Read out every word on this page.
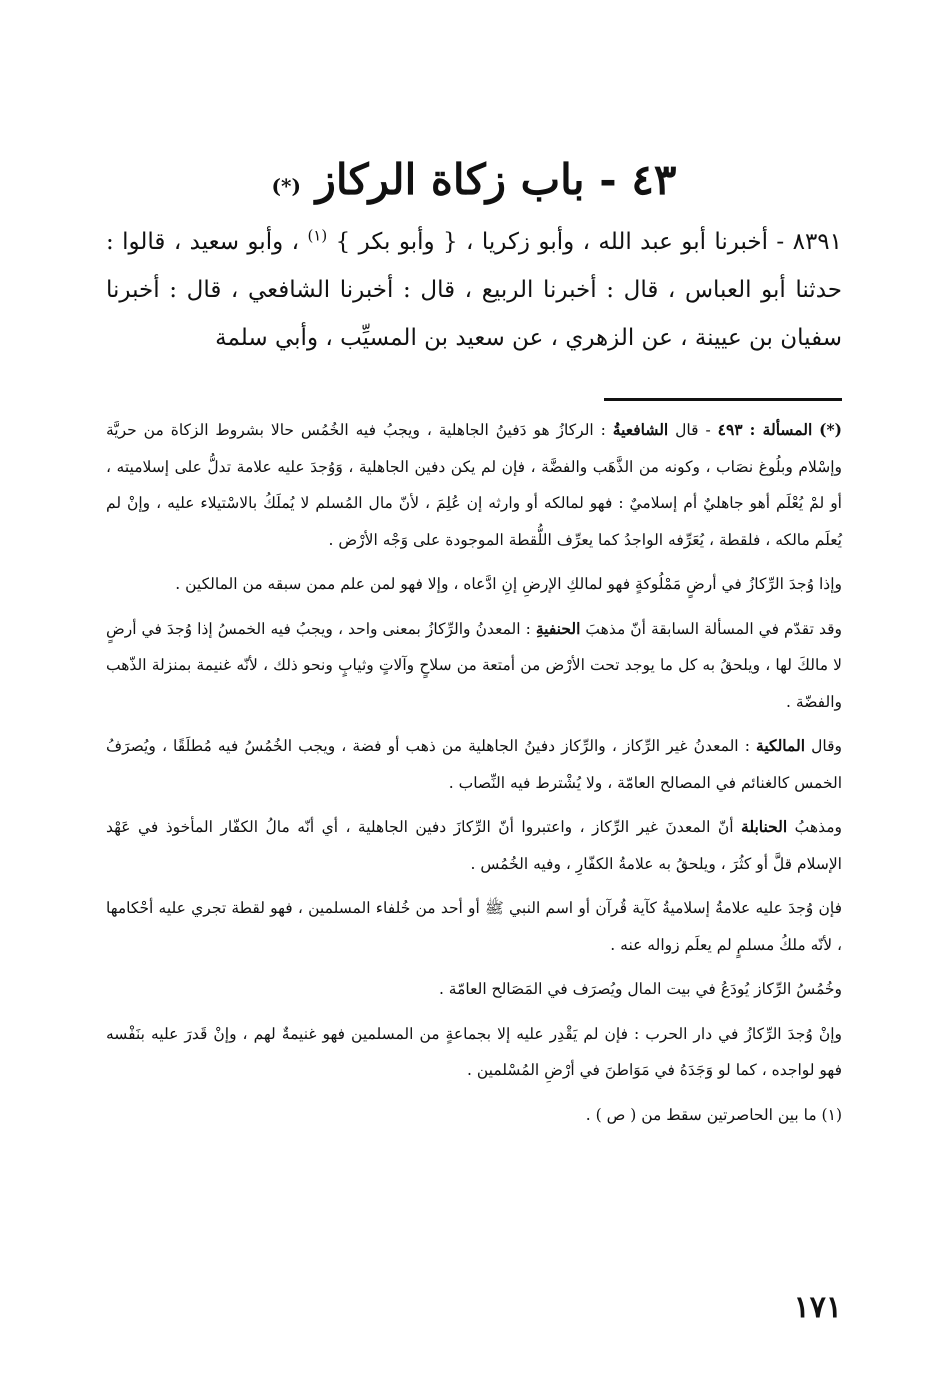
٤٣ - باب زكاة الركاز (*)

٨٣٩١ - أخبرنا أبو عبد الله ، وأبو زكريا ، { وأبو بكر } $^{(١)}$ ، وأبو سعيد ، قالوا : حدثنا أبو العباس ، قال : أخبرنا الربيع ، قال : أخبرنا الشافعي ، قال : أخبرنا سفيان بن عيينة ، عن الزهري ، عن سعيد بن المسيِّب ، وأبي سلمة

(*) المسألة : ٤٩٣ - قال الشافعيةُ : الركازُ هو دَفينُ الجاهلية ، ويجبُ فيه الخُمُس حالا بشروط الزكاة من حريَّة وإسْلام وبلُوغ نصَاب ، وكونه من الذَّهَب والفضَّة ، فإن لم يكن دفين الجاهلية ، وَوُجدَ عليه علامة تدلُّ على إسلاميته ، أو لمْ يُعْلَم أهو جاهليٌ أم إسلاميٌ : فهو لمالكه أو وارثه إن عُلِمَ ، لأنّ مال المُسلم لا يُملَكُ بالاسْتيلاء عليه ، وإنْ لم يُعلَم مالكه ، فلقطة ، يُعَرِّفه الواجدُ كما يعرِّف اللُّقطة الموجودة على وَجْه الأرْض .

وإذا وُجدَ الرِّكازُ في أرضٍ مَمْلُوكةٍ فهو لمالكِ الإرضِ إنِ ادَّعاه ، وإلا فهو لمن علم ممن سبقه من المالكين .

وقد تقدّم في المسألة السابقة أنّ مذهبَ الحنفيةِ : المعدنُ والرِّكازُ بمعنى واحد ، ويجبُ فيه الخمسُ إذا وُجدَ في أرضٍ لا مالكَ لها ، ويلحقُ به كل ما يوجد تحت الأرْض من أمتعة من سلاحٍ وآلاتٍ وثيابٍ ونحو ذلك ، لأنّه غنيمة بمنزلة الذّهب والفضّة .

وقال المالكية : المعدنُ غير الرِّكاز ، والرِّكاز دفينُ الجاهلية من ذهب أو فضة ، ويجب الخُمُسُ فيه مُطلَقًا ، ويُصرَفُ الخمس كالغنائم في المصالح العامّة ، ولا يُشْترط فيه النِّصاب .

ومذهبُ الحنابلة أنّ المعدنَ غير الرِّكاز ، واعتبروا أنّ الرِّكازَ دفين الجاهلية ، أي أنّه مالُ الكفّار المأخوذ في عَهْد الإسلام قلَّ أو كثُرَ ، ويلحقُ به علامةُ الكفّارِ ، وفيه الخُمُس .

فإن وُجدَ عليه علامةُ إسلاميةُ كآية قُرآن أو اسم النبي ﷺ أو أحد من خُلفاء المسلمين ، فهو لقطة تجري عليه أحْكامها ، لأنّه ملكُ مسلمٍ لم يعلَم زواله عنه .

وخُمُسُ الرِّكاز يُودَعُ في بيت المال ويُصرَف في المَصَالح العامّة .

وإنْ وُجدَ الرِّكازُ في دار الحرب : فإن لم يَقْدِر عليه إلا بجماعةٍ من المسلمين فهو غنيمةٌ لهم ، وإنْ قَدرَ عليه بنَفْسه فهو لواجده ، كما لو وَجَدَهُ في مَوَاطنَ في أرْضِ المُسْلمين .

(١) ما بين الحاصرتين سقط من ( ص ) .

١٧١
